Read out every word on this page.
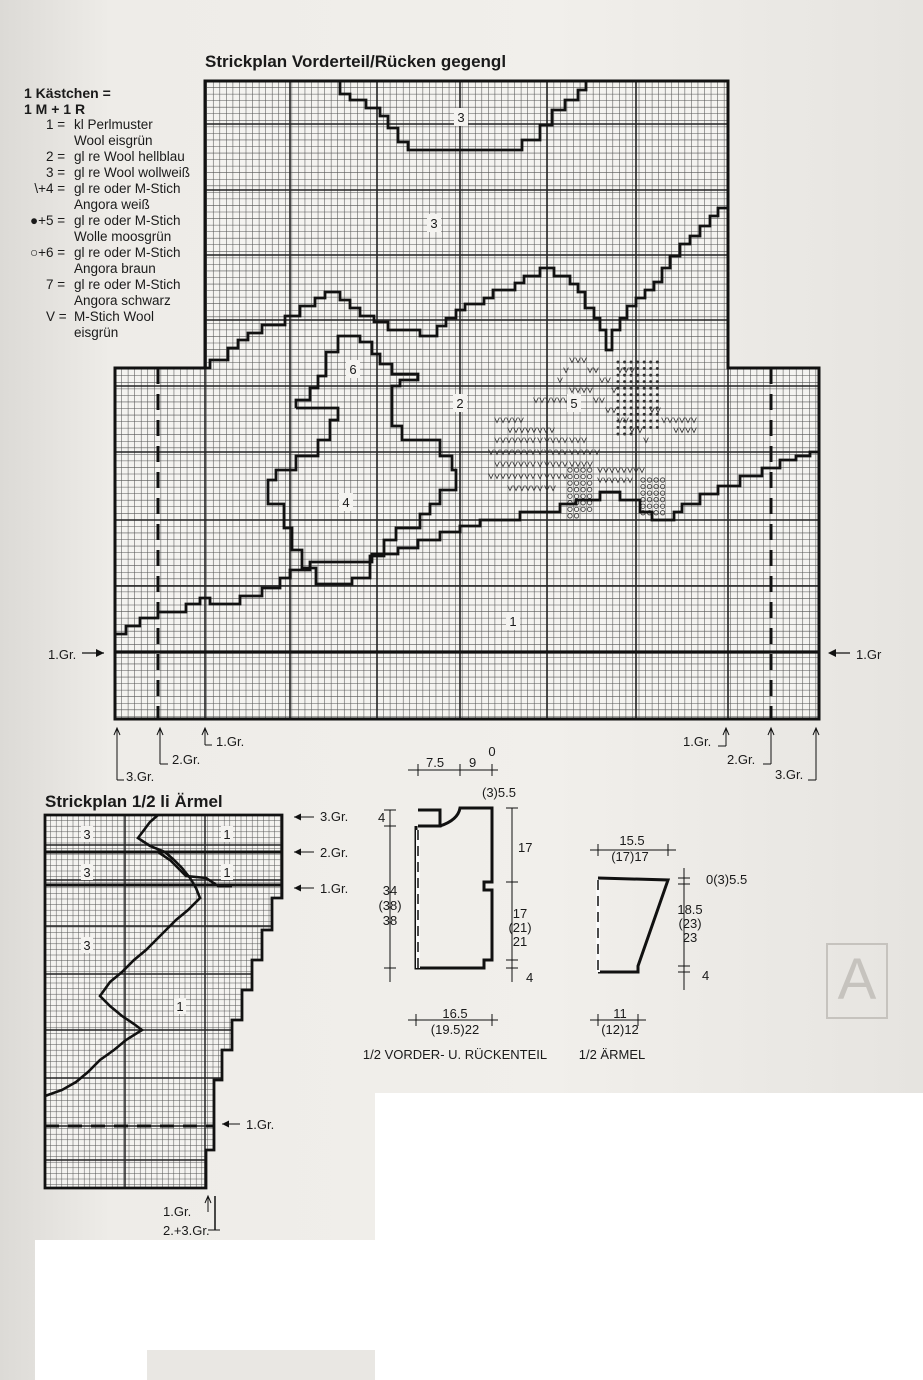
A
Strickplan Vorderteil/Rücken gegengl
Strickplan 1/2 li Ärmel
1 Kästchen =
1 M + 1 R
1 = kl Perlmuster
Wool eisgrün
2 = gl re Wool hellblau
3 = gl re Wool wollweiß
\+ 4 = gl re oder M-Stich
Angora weiß
●+ 5 = gl re oder M-Stich
Wolle moosgrün
○+ 6 = gl re oder M-Stich
Angora braun
7 = gl re oder M-Stich
Angora schwarz
V = M-Stich Wool
eisgrün
3
3
6
2	5
4
1
1.Gr.
2.Gr.
3.Gr.
1.Gr.
1.Gr.
2.Gr.
3.Gr.
1.Gr
3	1
3	1
3
1
3.Gr.
2.Gr.
1.Gr.
1.Gr.
1.Gr.
2.+3.Gr.
7.5 9
0
(3)5.5
4
17
34
(38)
38	17
(21)
21
4
16.5
(19.5)22
1/2 VORDER- U. RÜCKENTEIL
15.5
(17)17
0(3)5.5
18.5
(23)
23
4
11
(12)12
1/2 ÄRMEL
